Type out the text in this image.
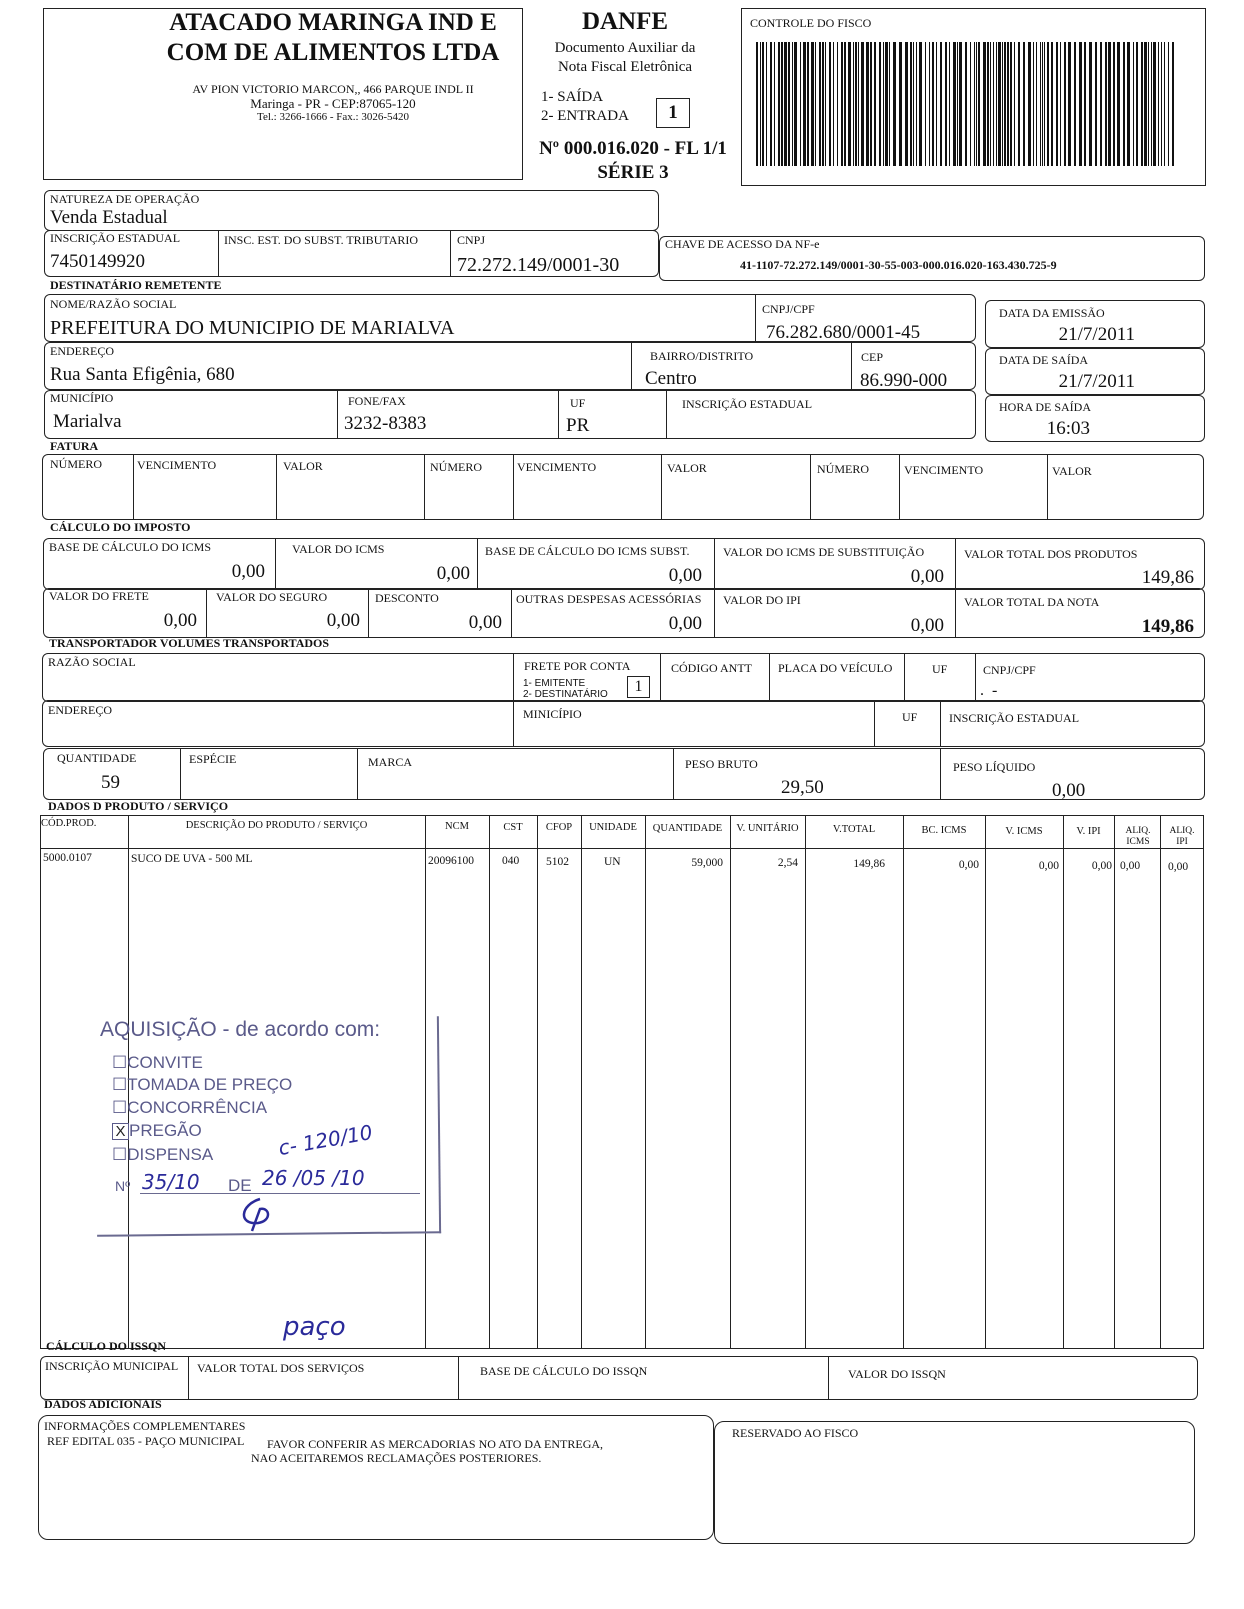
ATACADO MARINGA IND E
COM DE ALIMENTOS LTDA
AV PION VICTORIO MARCON,, 466 PARQUE INDL II
Maringa - PR - CEP:87065-120
Tel.: 3266-1666 - Fax.: 3026-5420
DANFE
Documento Auxiliar da
Nota Fiscal Eletrônica
1- SAÍDA
2- ENTRADA	1
Nº 000.016.020 - FL 1/1
SÉRIE 3
CONTROLE DO FISCO
NATUREZA DE OPERAÇÃO
Venda Estadual
INSCRIÇÃO ESTADUAL
7450149920
INSC. EST. DO SUBST. TRIBUTARIO	CNPJ
72.272.149/0001-30
CHAVE DE ACESSO DA NF-e
41-1107-72.272.149/0001-30-55-003-000.016.020-163.430.725-9
DESTINATÁRIO REMETENTE
NOME/RAZÃO SOCIAL
PREFEITURA DO MUNICIPIO DE MARIALVA
CNPJ/CPF
76.282.680/0001-45
ENDEREÇO
Rua Santa Efigênia, 680
BAIRRO/DISTRITO
Centro
CEP
86.990-000
MUNICÍPIO
Marialva
FONE/FAX
3232-8383
UF
PR
INSCRIÇÃO ESTADUAL
DATA DA EMISSÃO
21/7/2011
DATA DE SAÍDA
21/7/2011
HORA DE SAÍDA
16:03
FATURA
NÚMERO	VENCIMENTO	VALOR	NÚMERO	VENCIMENTO	VALOR	NÚMERO	VENCIMENTO	VALOR
CÁLCULO DO IMPOSTO
BASE DE CÁLCULO DO ICMS
0,00
VALOR DO ICMS
0,00
BASE DE CÁLCULO DO ICMS SUBST.
0,00
VALOR DO ICMS DE SUBSTITUIÇÃO
0,00
VALOR TOTAL DOS PRODUTOS
149,86
VALOR DO FRETE
0,00
VALOR DO SEGURO
0,00
DESCONTO
0,00
OUTRAS DESPESAS ACESSÓRIAS
0,00
VALOR DO IPI
0,00
VALOR TOTAL DA NOTA
149,86
TRANSPORTADOR VOLUMES TRANSPORTADOS
RAZÃO SOCIAL	FRETE POR CONTA
1- EMITENTE
2- DESTINATÁRIO	1
CÓDIGO ANTT PLACA DO VEÍCULO	UF	CNPJ/CPF
.  -
ENDEREÇO	MINICÍPIO	UF	INSCRIÇÃO ESTADUAL
QUANTIDADE
59
ESPÉCIE	MARCA	PESO BRUTO
29,50
PESO LÍQUIDO
0,00
DADOS D PRODUTO / SERVIÇO
CÓD.PROD.	DESCRIÇÃO DO PRODUTO / SERVIÇO	NCM	CST	CFOP	UNIDADE	QUANTIDADE	V. UNITÁRIO	V.TOTAL	BC. ICMS	V. ICMS	V. IPI	ALIQ. ICMS
ALIQ. IPI
5000.0107	SUCO DE UVA - 500 ML	20096100 040 5102	UN	59,000	2,54	149,86	0,00	0,00	0,00 0,00 0,00
AQUISIÇÃO - de acordo com:
☐CONVITE
☐TOMADA DE PREÇO
☐CONCORRÊNCIA
X PREGÃO
☐DISPENSA	c- 120/10
Nº 35/10 DE 26 /05 /10
paço
CÁLCULO DO ISSQN
INSCRIÇÃO MUNICIPAL VALOR TOTAL DOS SERVIÇOS	BASE DE CÁLCULO DO ISSQN	VALOR DO ISSQN
DADOS ADICIONAIS
INFORMAÇÕES COMPLEMENTARES
REF EDITAL 035 - PAÇO MUNICIPAL FAVOR CONFERIR AS MERCADORIAS NO ATO DA ENTREGA,
NAO ACEITAREMOS RECLAMAÇÕES POSTERIORES.
RESERVADO AO FISCO
